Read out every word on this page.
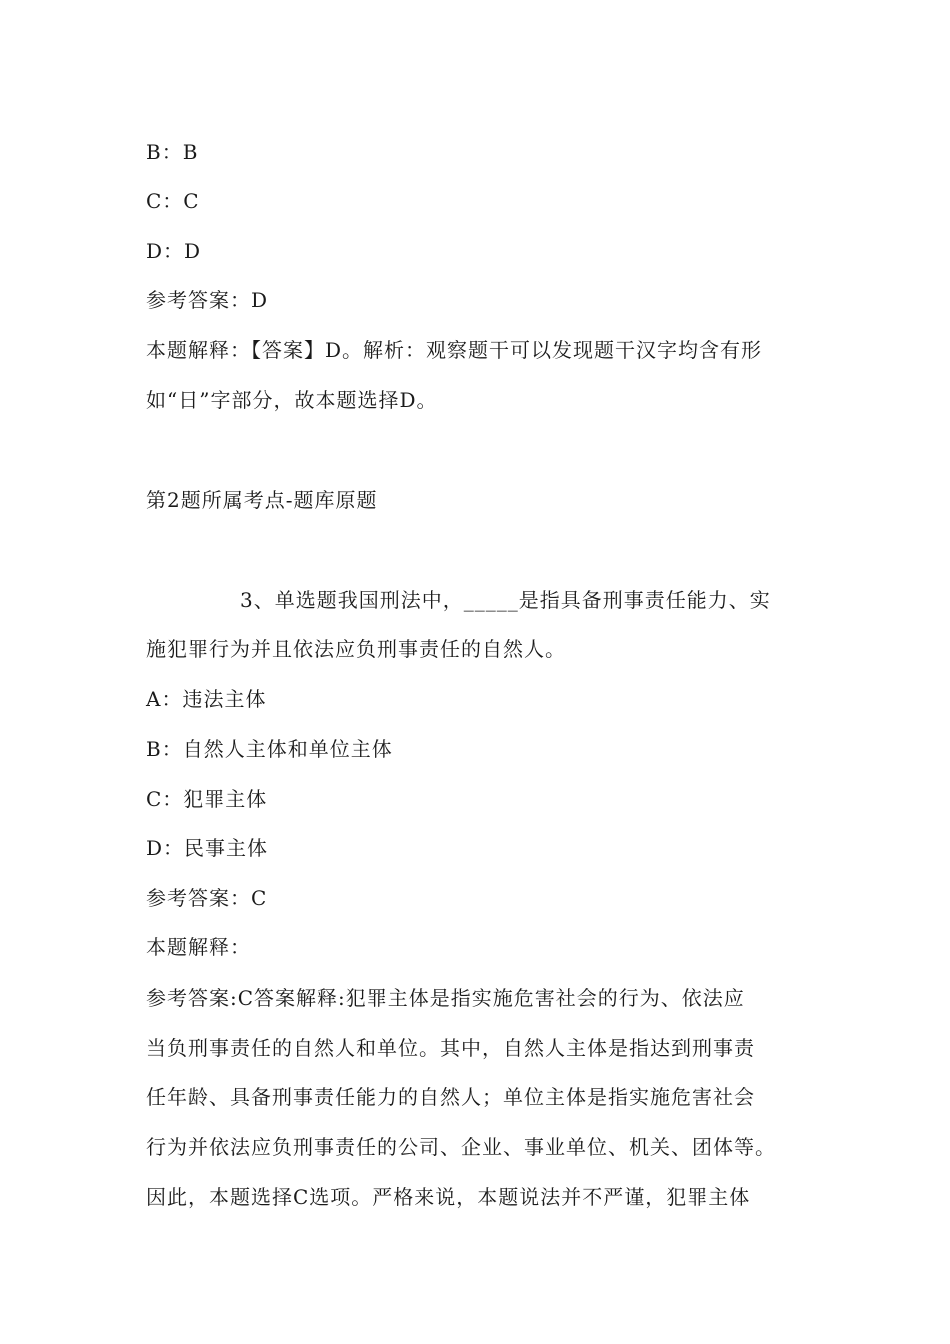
B：B
C：C
D：D
参考答案：D
本题解释：【答案】D。解析：观察题干可以发现题干汉字均含有形
如“日”字部分，故本题选择D。
第2题所属考点-题库原题
3、单选题我国刑法中，_____是指具备刑事责任能力、实
施犯罪行为并且依法应负刑事责任的自然人。
A：违法主体
B：自然人主体和单位主体
C：犯罪主体
D：民事主体
参考答案：C
本题解释：
参考答案:C答案解释:犯罪主体是指实施危害社会的行为、依法应
当负刑事责任的自然人和单位。其中，自然人主体是指达到刑事责
任年龄、具备刑事责任能力的自然人；单位主体是指实施危害社会
行为并依法应负刑事责任的公司、企业、事业单位、机关、团体等。
因此，本题选择C选项。严格来说，本题说法并不严谨，犯罪主体
